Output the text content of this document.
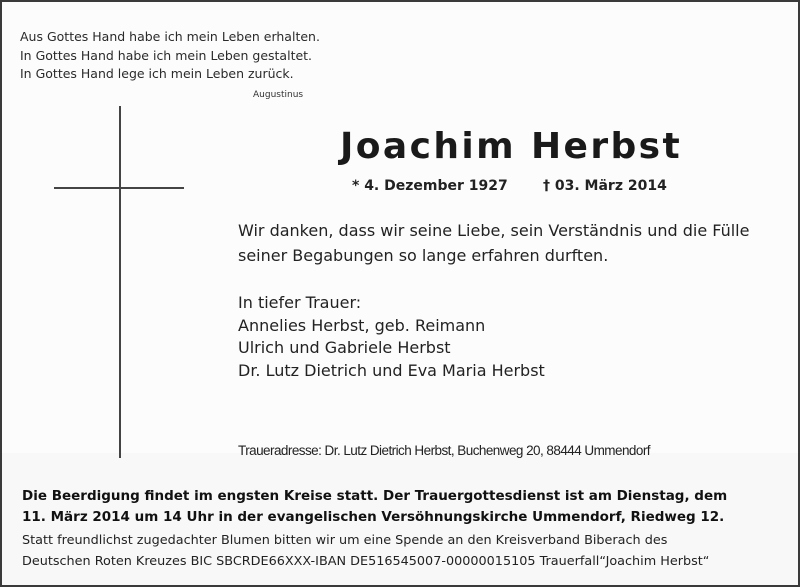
Aus Gottes Hand habe ich mein Leben erhalten.
In Gottes Hand habe ich mein Leben gestaltet.
In Gottes Hand lege ich mein Leben zurück.
Augustinus
Joachim Herbst
* 4. Dezember 1927	† 03. März 2014
Wir danken, dass wir seine Liebe, sein Verständnis und die Fülle
seiner Begabungen so lange erfahren durften.
In tiefer Trauer:
Annelies Herbst, geb. Reimann
Ulrich und Gabriele Herbst
Dr. Lutz Dietrich und Eva Maria Herbst
Traueradresse: Dr. Lutz Dietrich Herbst, Buchenweg 20, 88444 Ummendorf
Die Beerdigung findet im engsten Kreise statt. Der Trauergottesdienst ist am Dienstag, dem
11. März 2014 um 14 Uhr in der evangelischen Versöhnungskirche Ummendorf, Riedweg 12.
Statt freundlichst zugedachter Blumen bitten wir um eine Spende an den Kreisverband Biberach des
Deutschen Roten Kreuzes BIC SBCRDE66XXX-IBAN DE516545007-00000015105 Trauerfall“Joachim Herbst“
